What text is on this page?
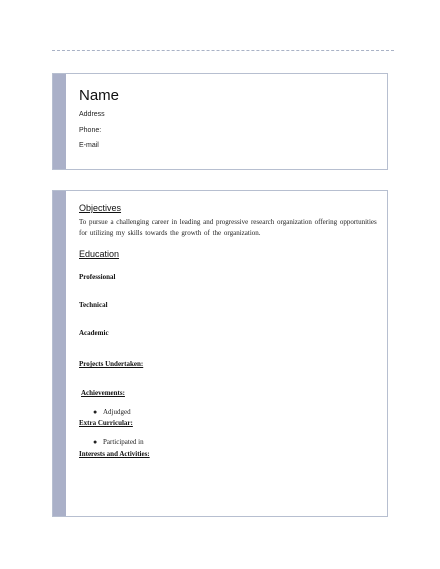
Name
Address
Phone:
E-mail
Objectives

To pursue a challenging career in leading and progressive research organization offering opportunities for utilizing my skills towards the growth of the organization.

Education
Professional
Technical
Academic
Projects Undertaken:
Achievements:
● Adjudged
Extra Curricular:
● Participated in
Interests and Activities:
